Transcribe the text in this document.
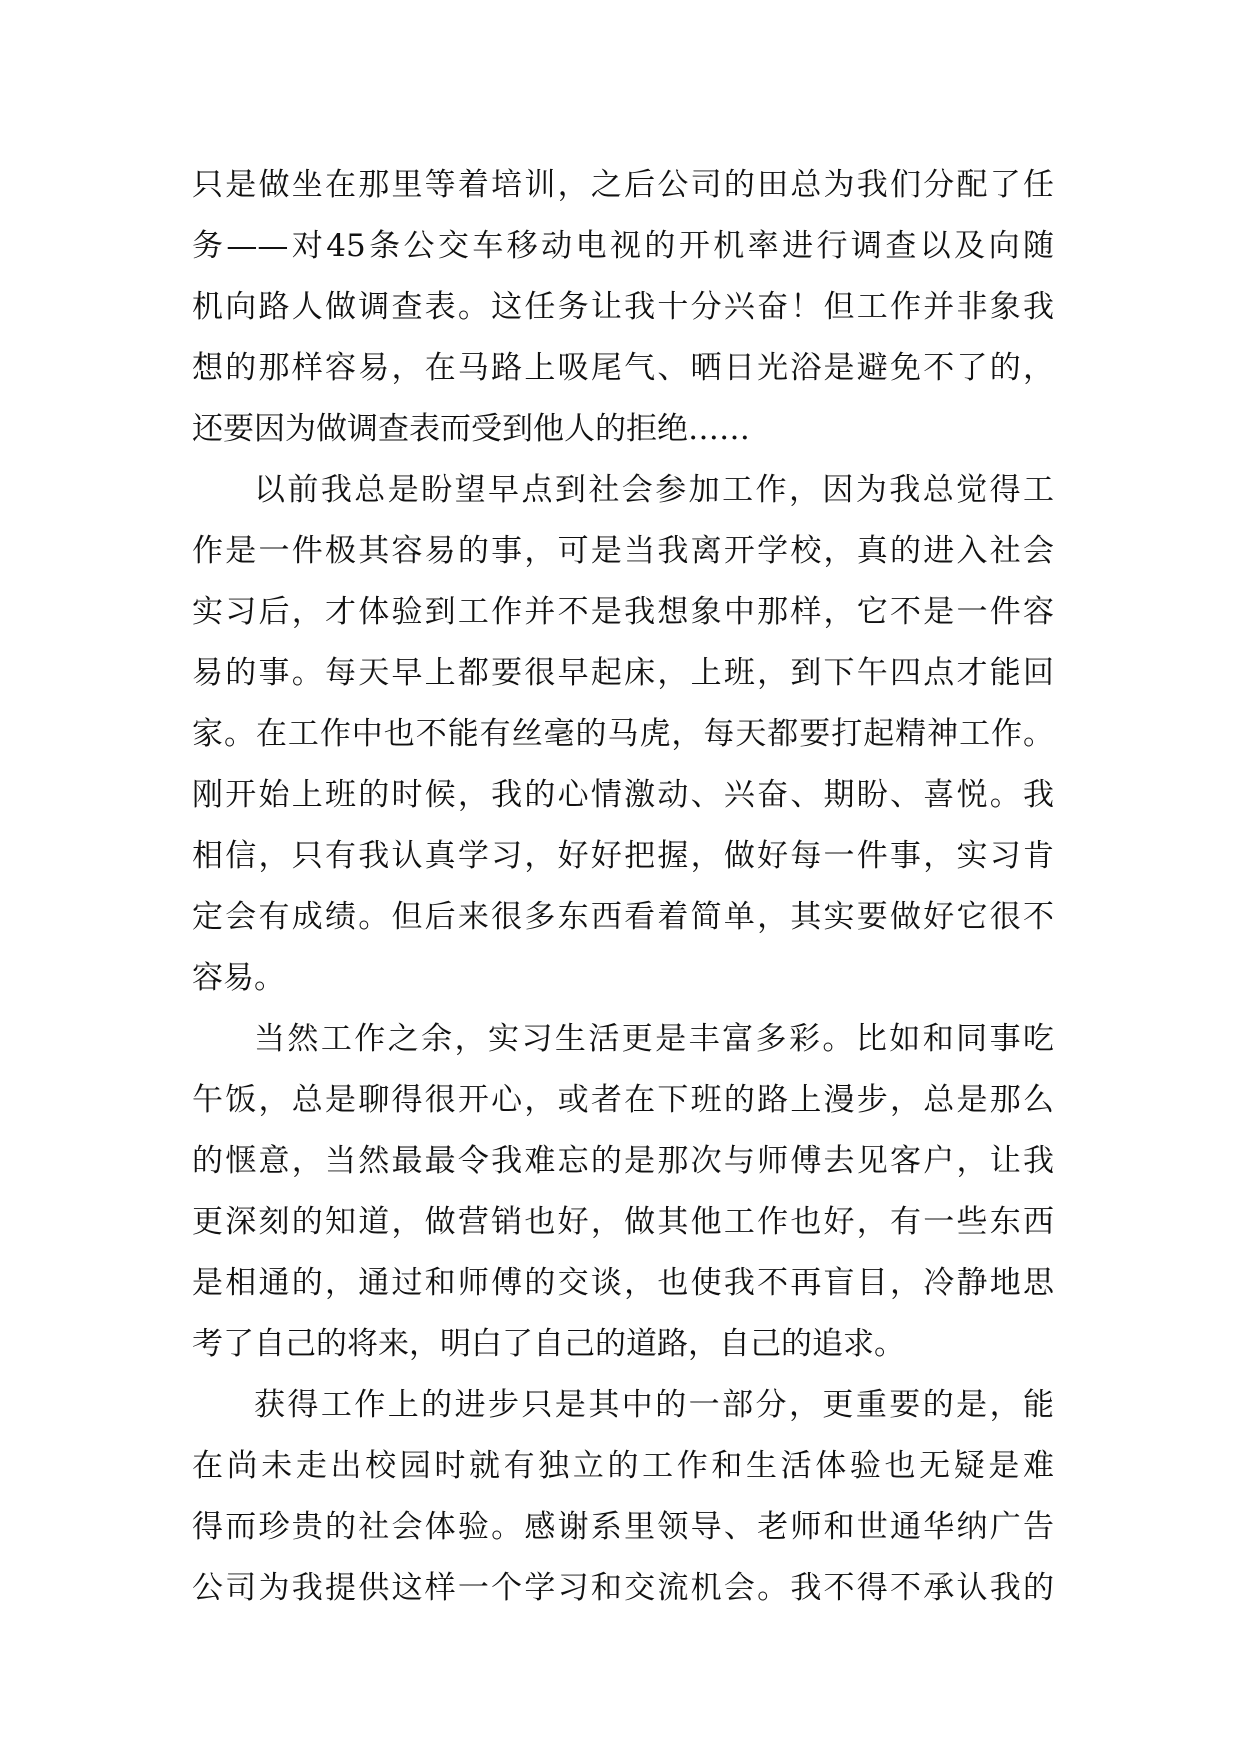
只是做坐在那里等着培训，之后公司的田总为我们分配了任
务——对45条公交车移动电视的开机率进行调查以及向随
机向路人做调查表。这任务让我十分兴奋！但工作并非象我
想的那样容易，在马路上吸尾气、晒日光浴是避免不了的，
还要因为做调查表而受到他人的拒绝……
以前我总是盼望早点到社会参加工作，因为我总觉得工
作是一件极其容易的事，可是当我离开学校，真的进入社会
实习后，才体验到工作并不是我想象中那样，它不是一件容
易的事。每天早上都要很早起床，上班，到下午四点才能回
家。在工作中也不能有丝毫的马虎，每天都要打起精神工作。
刚开始上班的时候，我的心情激动、兴奋、期盼、喜悦。我
相信，只有我认真学习，好好把握，做好每一件事，实习肯
定会有成绩。但后来很多东西看着简单，其实要做好它很不
容易。
当然工作之余，实习生活更是丰富多彩。比如和同事吃
午饭，总是聊得很开心，或者在下班的路上漫步，总是那么
的惬意，当然最最令我难忘的是那次与师傅去见客户，让我
更深刻的知道，做营销也好，做其他工作也好，有一些东西
是相通的，通过和师傅的交谈，也使我不再盲目，冷静地思
考了自己的将来，明白了自己的道路，自己的追求。
获得工作上的进步只是其中的一部分，更重要的是，能
在尚未走出校园时就有独立的工作和生活体验也无疑是难
得而珍贵的社会体验。感谢系里领导、老师和世通华纳广告
公司为我提供这样一个学习和交流机会。我不得不承认我的
